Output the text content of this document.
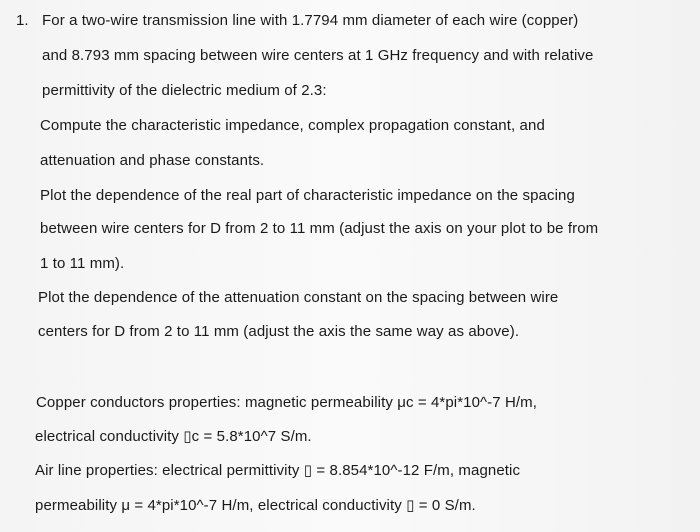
1. For a two-wire transmission line with 1.7794 mm diameter of each wire (copper)
and 8.793 mm spacing between wire centers at 1 GHz frequency and with relative
permittivity of the dielectric medium of 2.3:
Compute the characteristic impedance, complex propagation constant, and
attenuation and phase constants.
Plot the dependence of the real part of characteristic impedance on the spacing
between wire centers for D from 2 to 11 mm (adjust the axis on your plot to be from
1 to 11 mm).
Plot the dependence of the attenuation constant on the spacing between wire
centers for D from 2 to 11 mm (adjust the axis the same way as above).
Copper conductors properties: magnetic permeability μc = 4*pi*10^-7 H/m,
electrical conductivity ▯c = 5.8*10^7 S/m.
Air line properties: electrical permittivity ▯ = 8.854*10^-12 F/m, magnetic
permeability μ = 4*pi*10^-7 H/m, electrical conductivity ▯ = 0 S/m.
